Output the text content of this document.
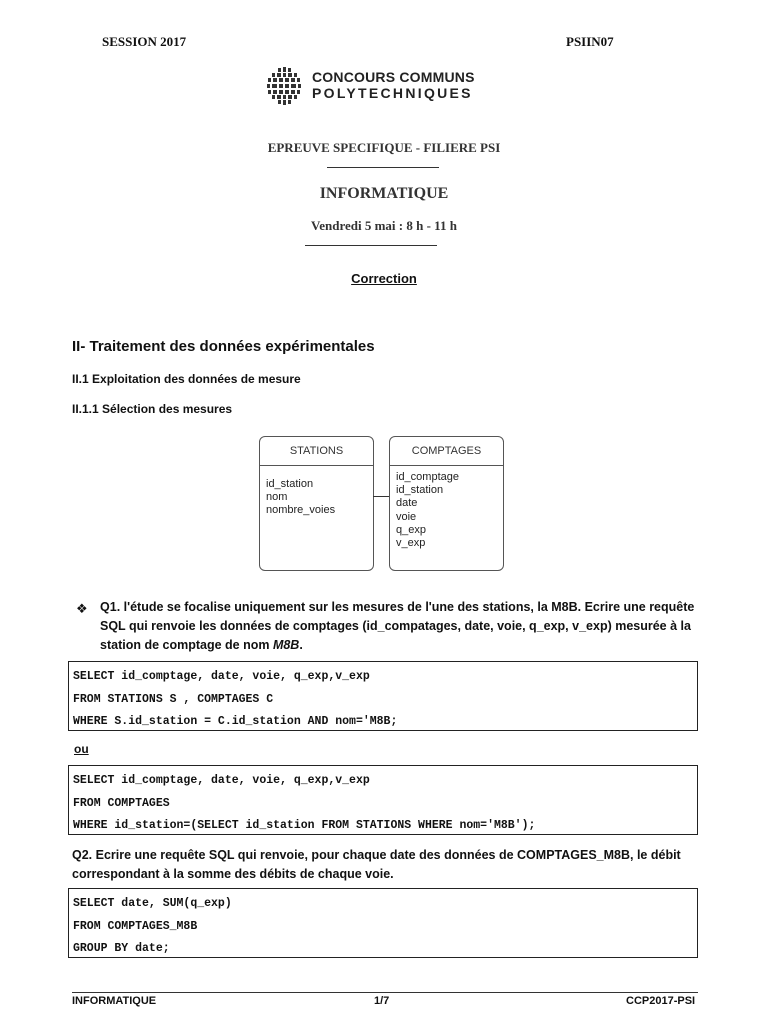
SESSION 2017	PSIIN07
CONCOURS COMMUNS
POLYTECHNIQUES
EPREUVE SPECIFIQUE - FILIERE PSI
INFORMATIQUE
Vendredi 5 mai : 8 h - 11 h
Correction
II- Traitement des données expérimentales
II.1 Exploitation des données de mesure
II.1.1 Sélection des mesures
STATIONS
id_station
nom
nombre_voies
COMPTAGES
id_comptage
id_station
date
voie
q_exp
v_exp
❖ Q1. l'étude se focalise uniquement sur les mesures de l'une des stations, la M8B. Ecrire une requête SQL qui renvoie les données de comptages (id_compatages, date, voie, q_exp, v_exp) mesurée à la station de comptage de nom M8B.
SELECT id_comptage, date, voie, q_exp,v_exp
FROM STATIONS S , COMPTAGES C
WHERE S.id_station = C.id_station AND nom='M8B;
ou
SELECT id_comptage, date, voie, q_exp,v_exp
FROM COMPTAGES
WHERE id_station=(SELECT id_station FROM STATIONS WHERE nom='M8B');
Q2. Ecrire une requête SQL qui renvoie, pour chaque date des données de COMPTAGES_M8B, le débit correspondant à la somme des débits de chaque voie.
SELECT date, SUM(q_exp)
FROM COMPTAGES_M8B
GROUP BY date;
INFORMATIQUE	1/7	CCP2017-PSI
